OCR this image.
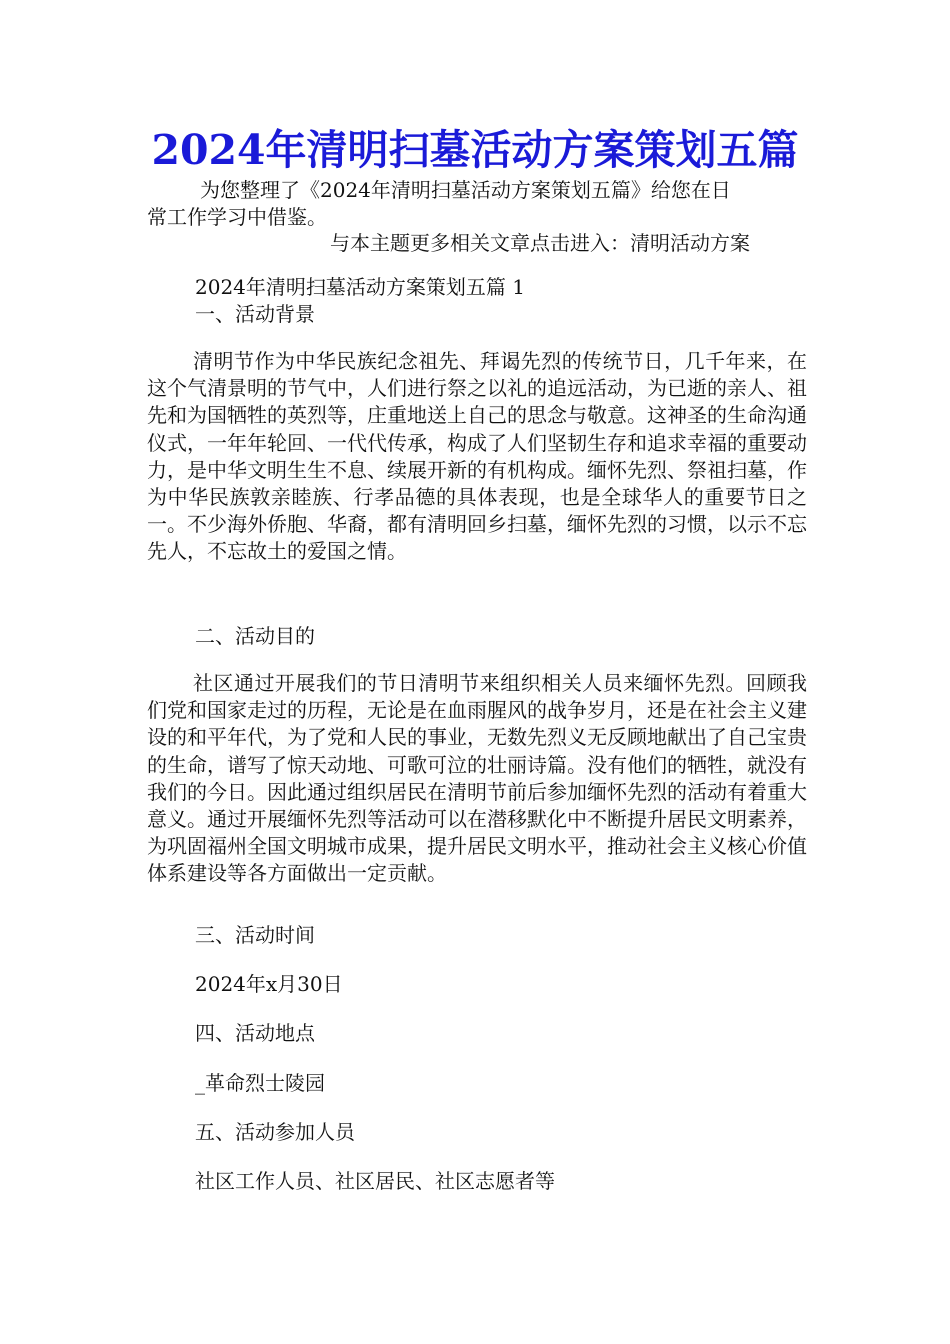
2024年清明扫墓活动方案策划五篇
为您整理了《2024年清明扫墓活动方案策划五篇》给您在日
常工作学习中借鉴。
与本主题更多相关文章点击进入：清明活动方案
2024年清明扫墓活动方案策划五篇 1
一、活动背景
清明节作为中华民族纪念祖先、拜谒先烈的传统节日，几千年来，在这个气清景明的节气中，人们进行祭之以礼的追远活动，为已逝的亲人、祖先和为国牺牲的英烈等，庄重地送上自己的思念与敬意。这神圣的生命沟通仪式，一年年轮回、一代代传承，构成了人们坚韧生存和追求幸福的重要动力，是中华文明生生不息、续展开新的有机构成。缅怀先烈、祭祖扫墓，作为中华民族敦亲睦族、行孝品德的具体表现，也是全球华人的重要节日之一。不少海外侨胞、华裔，都有清明回乡扫墓，缅怀先烈的习惯，以示不忘先人，不忘故土的爱国之情。
二、活动目的
社区通过开展我们的节日清明节来组织相关人员来缅怀先烈。回顾我们党和国家走过的历程，无论是在血雨腥风的战争岁月，还是在社会主义建设的和平年代，为了党和人民的事业，无数先烈义无反顾地献出了自己宝贵的生命，谱写了惊天动地、可歌可泣的壮丽诗篇。没有他们的牺牲，就没有我们的今日。因此通过组织居民在清明节前后参加缅怀先烈的活动有着重大意义。通过开展缅怀先烈等活动可以在潜移默化中不断提升居民文明素养，为巩固福州全国文明城市成果，提升居民文明水平，推动社会主义核心价值体系建设等各方面做出一定贡献。
三、活动时间
2024年x月30日
四、活动地点
_革命烈士陵园
五、活动参加人员
社区工作人员、社区居民、社区志愿者等
